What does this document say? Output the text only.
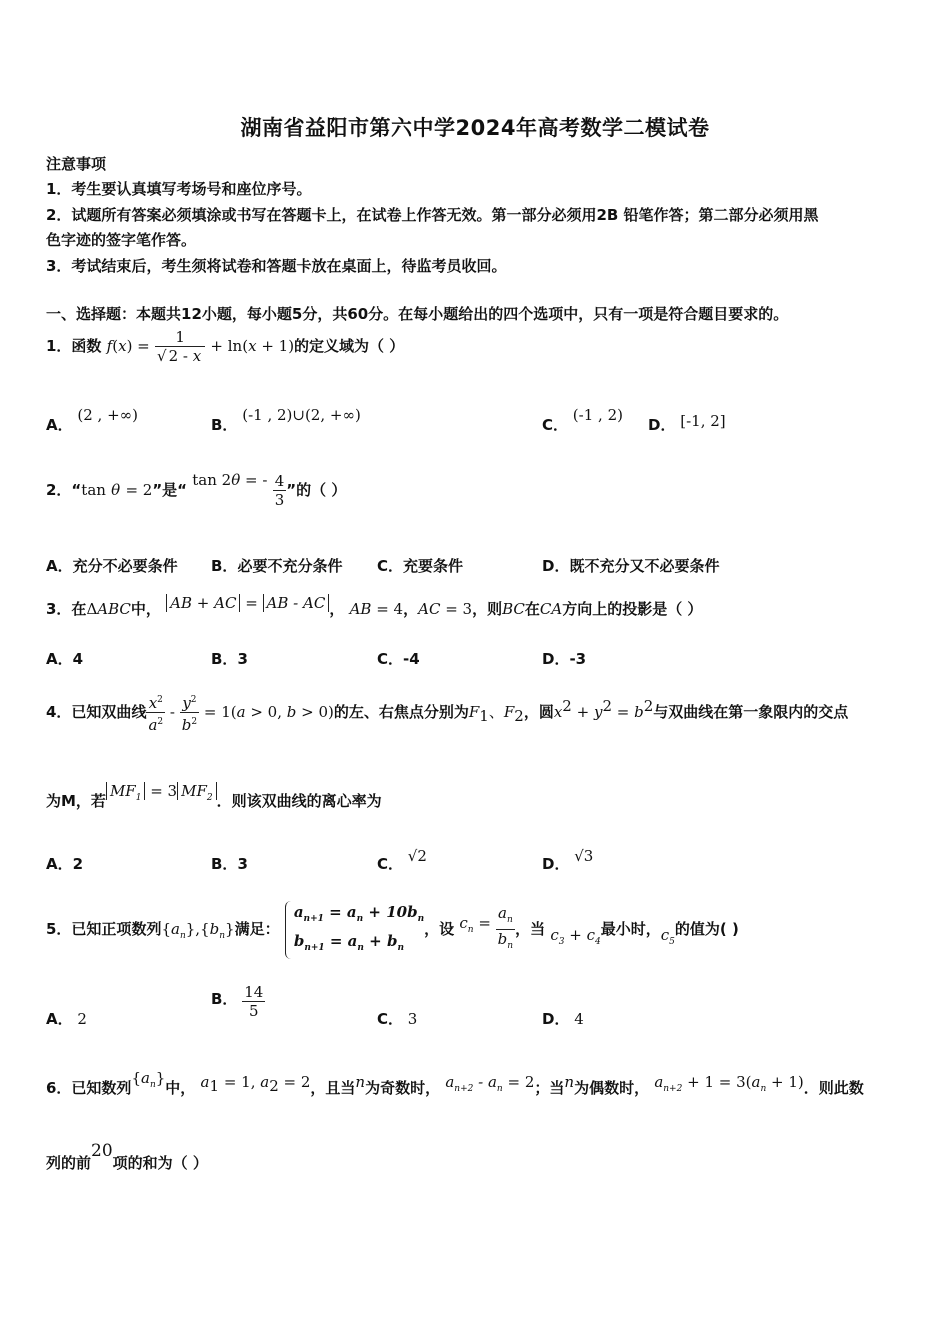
湖南省益阳市第六中学2024年高考数学二模试卷
注意事项
1．考生要认真填写考场号和座位序号。
2．试题所有答案必须填涂或书写在答题卡上，在试卷上作答无效。第一部分必须用2B 铅笔作答；第二部分必须用黑
色字迹的签字笔作答。
3．考试结束后，考生须将试卷和答题卡放在桌面上，待监考员收回。
一、选择题：本题共12小题，每小题5分，共60分。在每小题给出的四个选项中，只有一项是符合题目要求的。
1．函数 $f(x) = \frac{1}{√ 2 - x} + \ln(x + 1)$的定义域为（ ）
A． (2 , +∞)
B． (-1 , 2)∪(2, +∞)
C． (-1 , 2)
D． [-1, 2]
2．“tan θ = 2”是“ tan 2θ = - $\frac{4}{3}$ ”的（ ）
A．充分不必要条件 B．必要不充分条件 C．充要条件	D．既不充分又不必要条件
3．在ΔABC中， AB + AC = AB - AC ， AB = 4，AC = 3，则BC在CA方向上的投影是（ ）
A．4	B．3	C．-4	D．-3
4．已知双曲线 $\frac{x^2}{a^2} - \frac{y^2}{b^2} = 1(a > 0$, b > 0)的左、右焦点分别为$F_1$、$F_2$，圆$x^2 + y^2 = b^2$与双曲线在第一象限内的交点
为M，若$MF_1 = 3$ $MF_2$ ．则该双曲线的离心率为
A．2	B．3	C． √2	D． √3
5．已知正项数列$\{a_n\},\{b_n\}$满足： $a_{n+1} = a_n + 10b_n$
$b_{n+1} = a_n + b_n$，设 $c_n = \frac{a_n}{b_n}$ ，当 $c_3 + c_4$最小时，$c_5$的值为( )
A． 2
B． $\frac{14}{5}$	C． 3	D． 4
6．已知数列$\{a_n\}$中， $a_1 = 1$, $a_2 = 2$，且当n为奇数时， $a_{n+2} - a_n = 2$；当n为偶数时， $a_{n+2} + 1 = 3(a_n + 1)$．则此数
列的前20项的和为（ ）
